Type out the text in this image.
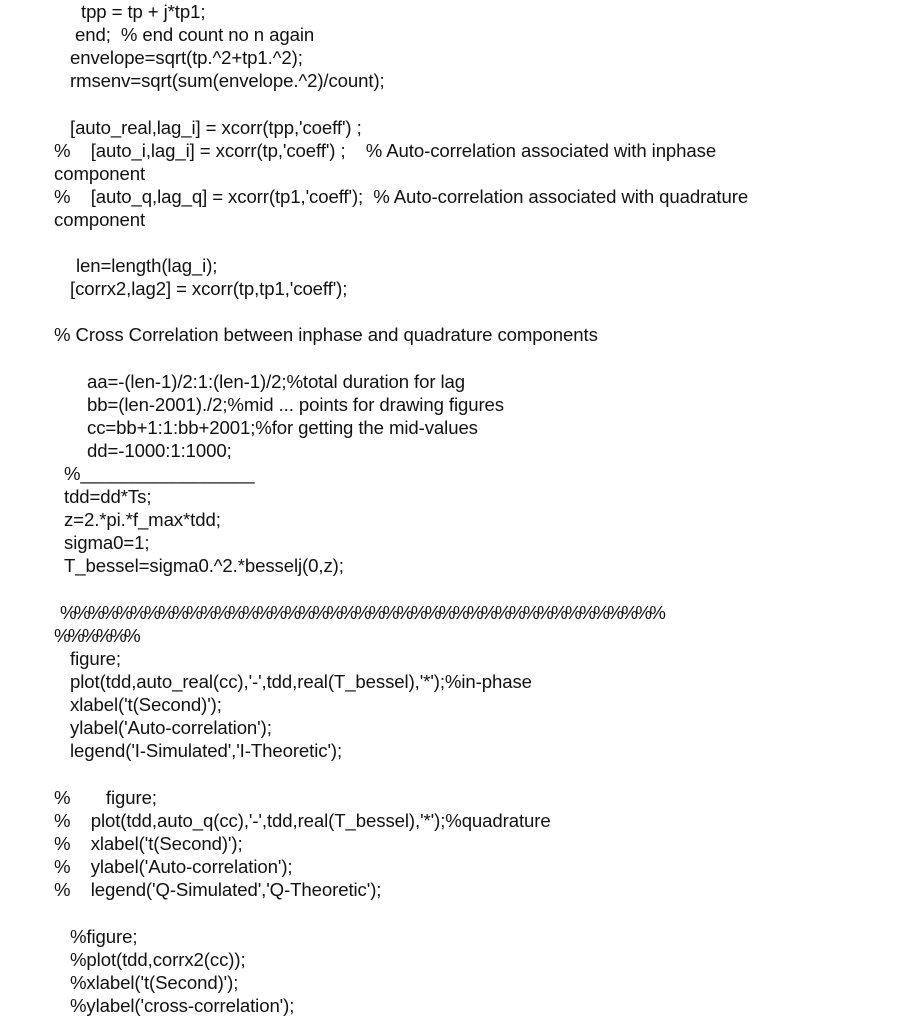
tpp = tp + j*tp1;
end;  % end count no n again
envelope=sqrt(tp.^2+tp1.^2);
rmsenv=sqrt(sum(envelope.^2)/count);
[auto_real,lag_i] = xcorr(tpp,'coeff') ;
%    [auto_i,lag_i] = xcorr(tp,'coeff') ;    % Auto-correlation associated with inphase
component
%    [auto_q,lag_q] = xcorr(tp1,'coeff');  % Auto-correlation associated with quadrature
component
len=length(lag_i);
[corrx2,lag2] = xcorr(tp,tp1,'coeff');
% Cross Correlation between inphase and quadrature components
aa=-(len-1)/2:1:(len-1)/2;%total duration for lag
bb=(len-2001)./2;%mid ... points for drawing figures
cc=bb+1:1:bb+2001;%for getting the mid-values
dd=-1000:1:1000;
%_________________
tdd=dd*Ts;
z=2.*pi.*f_max*tdd;
sigma0=1;
T_bessel=sigma0.^2.*besselj(0,z);
%%%%%%%%%%%%%%%%%%%%%%%%%%%%%%%%%%%%%%%%%%%
%%%%%%
figure;
plot(tdd,auto_real(cc),'-',tdd,real(T_bessel),'*');%in-phase
xlabel('t(Second)');
ylabel('Auto-correlation');
legend('I-Simulated','I-Theoretic');
%       figure;
%    plot(tdd,auto_q(cc),'-',tdd,real(T_bessel),'*');%quadrature
%    xlabel('t(Second)');
%    ylabel('Auto-correlation');
%    legend('Q-Simulated','Q-Theoretic');
%figure;
%plot(tdd,corrx2(cc));
%xlabel('t(Second)');
%ylabel('cross-correlation');
